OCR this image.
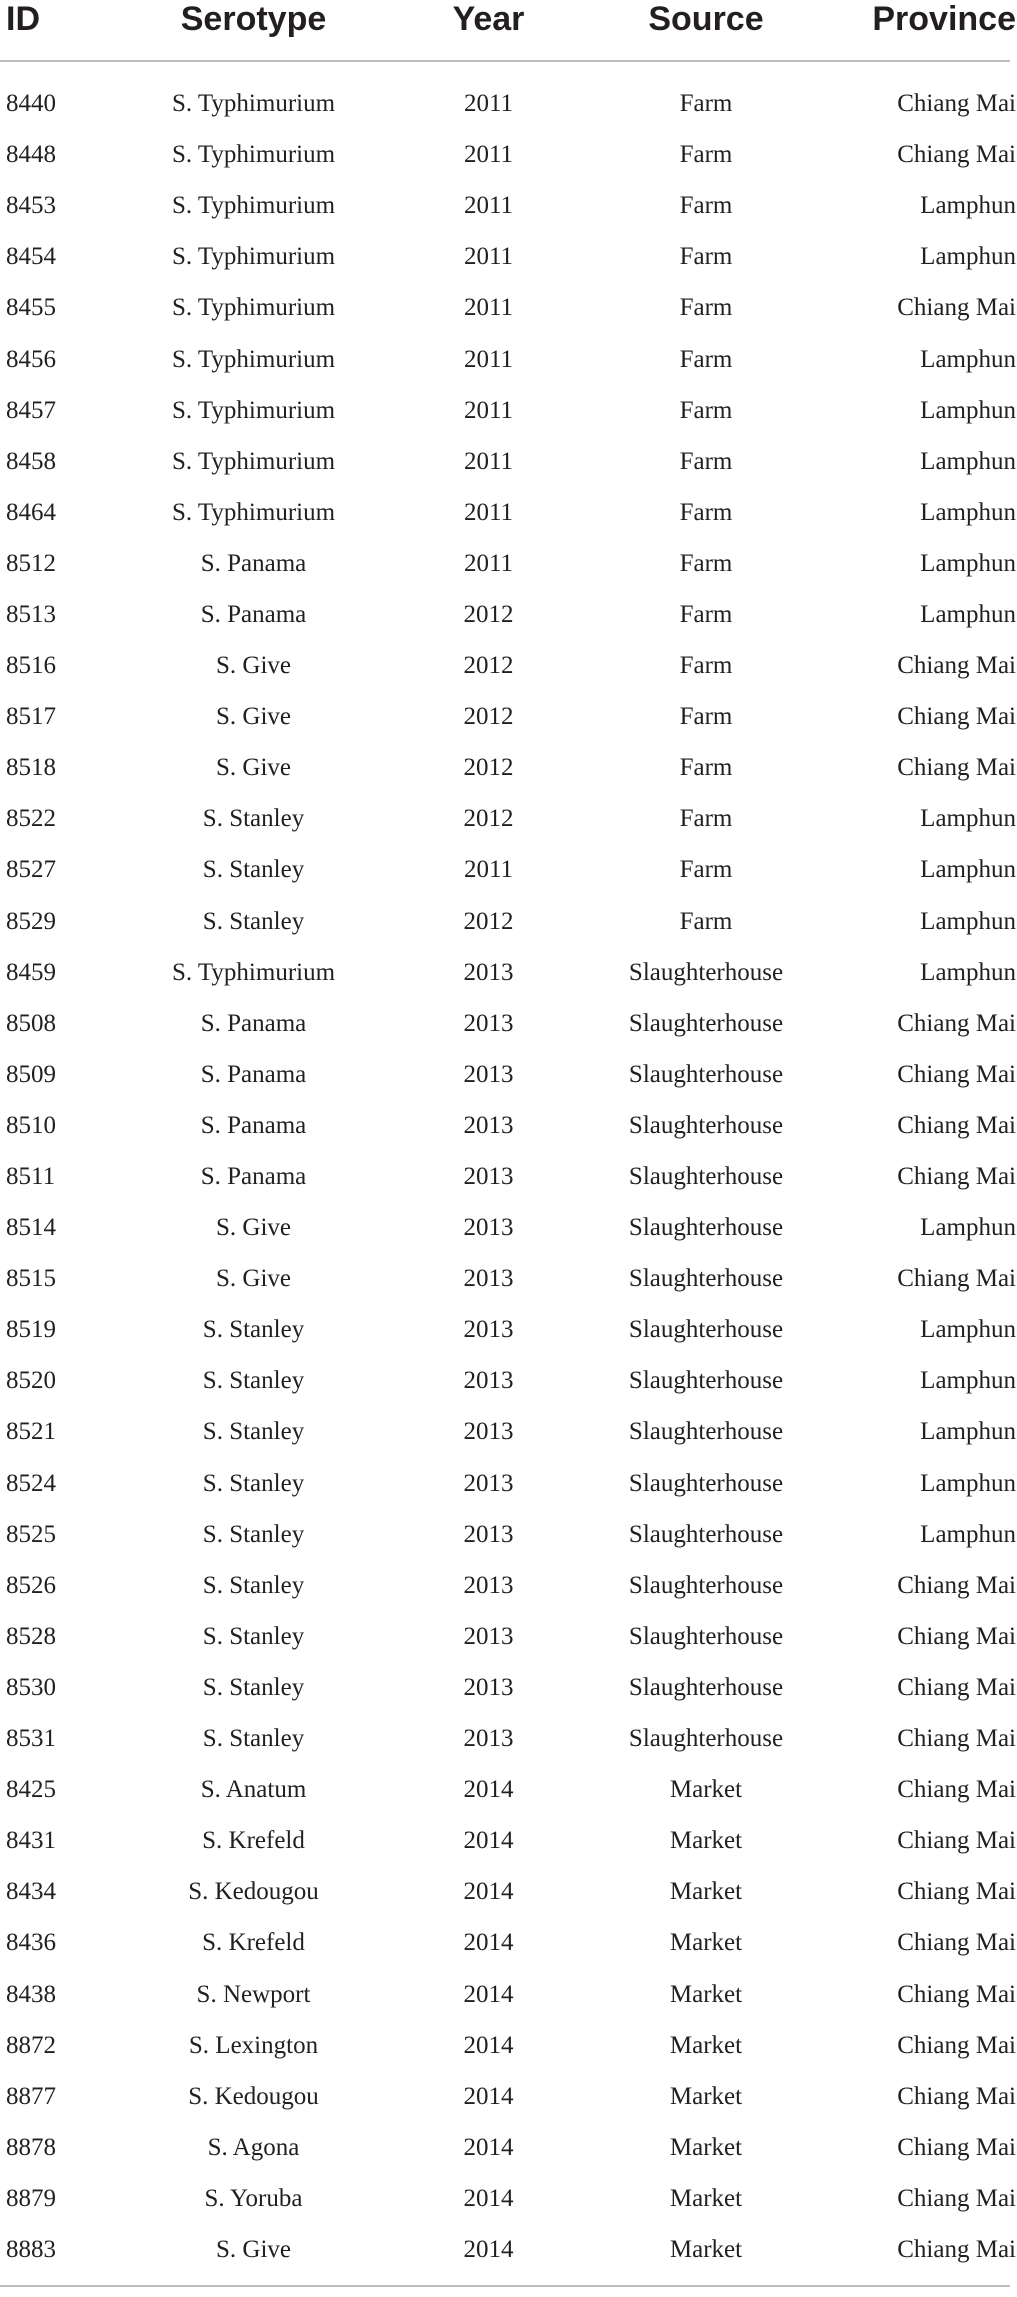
ID	Serotype	Year	Source	Province
8440	S. Typhimurium	2011	Farm	Chiang Mai
8448	S. Typhimurium	2011	Farm	Chiang Mai
8453	S. Typhimurium	2011	Farm	Lamphun
8454	S. Typhimurium	2011	Farm	Lamphun
8455	S. Typhimurium	2011	Farm	Chiang Mai
8456	S. Typhimurium	2011	Farm	Lamphun
8457	S. Typhimurium	2011	Farm	Lamphun
8458	S. Typhimurium	2011	Farm	Lamphun
8464	S. Typhimurium	2011	Farm	Lamphun
8512	S. Panama	2011	Farm	Lamphun
8513	S. Panama	2012	Farm	Lamphun
8516	S. Give	2012	Farm	Chiang Mai
8517	S. Give	2012	Farm	Chiang Mai
8518	S. Give	2012	Farm	Chiang Mai
8522	S. Stanley	2012	Farm	Lamphun
8527	S. Stanley	2011	Farm	Lamphun
8529	S. Stanley	2012	Farm	Lamphun
8459	S. Typhimurium	2013	Slaughterhouse	Lamphun
8508	S. Panama	2013	Slaughterhouse	Chiang Mai
8509	S. Panama	2013	Slaughterhouse	Chiang Mai
8510	S. Panama	2013	Slaughterhouse	Chiang Mai
8511	S. Panama	2013	Slaughterhouse	Chiang Mai
8514	S. Give	2013	Slaughterhouse	Lamphun
8515	S. Give	2013	Slaughterhouse	Chiang Mai
8519	S. Stanley	2013	Slaughterhouse	Lamphun
8520	S. Stanley	2013	Slaughterhouse	Lamphun
8521	S. Stanley	2013	Slaughterhouse	Lamphun
8524	S. Stanley	2013	Slaughterhouse	Lamphun
8525	S. Stanley	2013	Slaughterhouse	Lamphun
8526	S. Stanley	2013	Slaughterhouse	Chiang Mai
8528	S. Stanley	2013	Slaughterhouse	Chiang Mai
8530	S. Stanley	2013	Slaughterhouse	Chiang Mai
8531	S. Stanley	2013	Slaughterhouse	Chiang Mai
8425	S. Anatum	2014	Market	Chiang Mai
8431	S. Krefeld	2014	Market	Chiang Mai
8434	S. Kedougou	2014	Market	Chiang Mai
8436	S. Krefeld	2014	Market	Chiang Mai
8438	S. Newport	2014	Market	Chiang Mai
8872	S. Lexington	2014	Market	Chiang Mai
8877	S. Kedougou	2014	Market	Chiang Mai
8878	S. Agona	2014	Market	Chiang Mai
8879	S. Yoruba	2014	Market	Chiang Mai
8883	S. Give	2014	Market	Chiang Mai
